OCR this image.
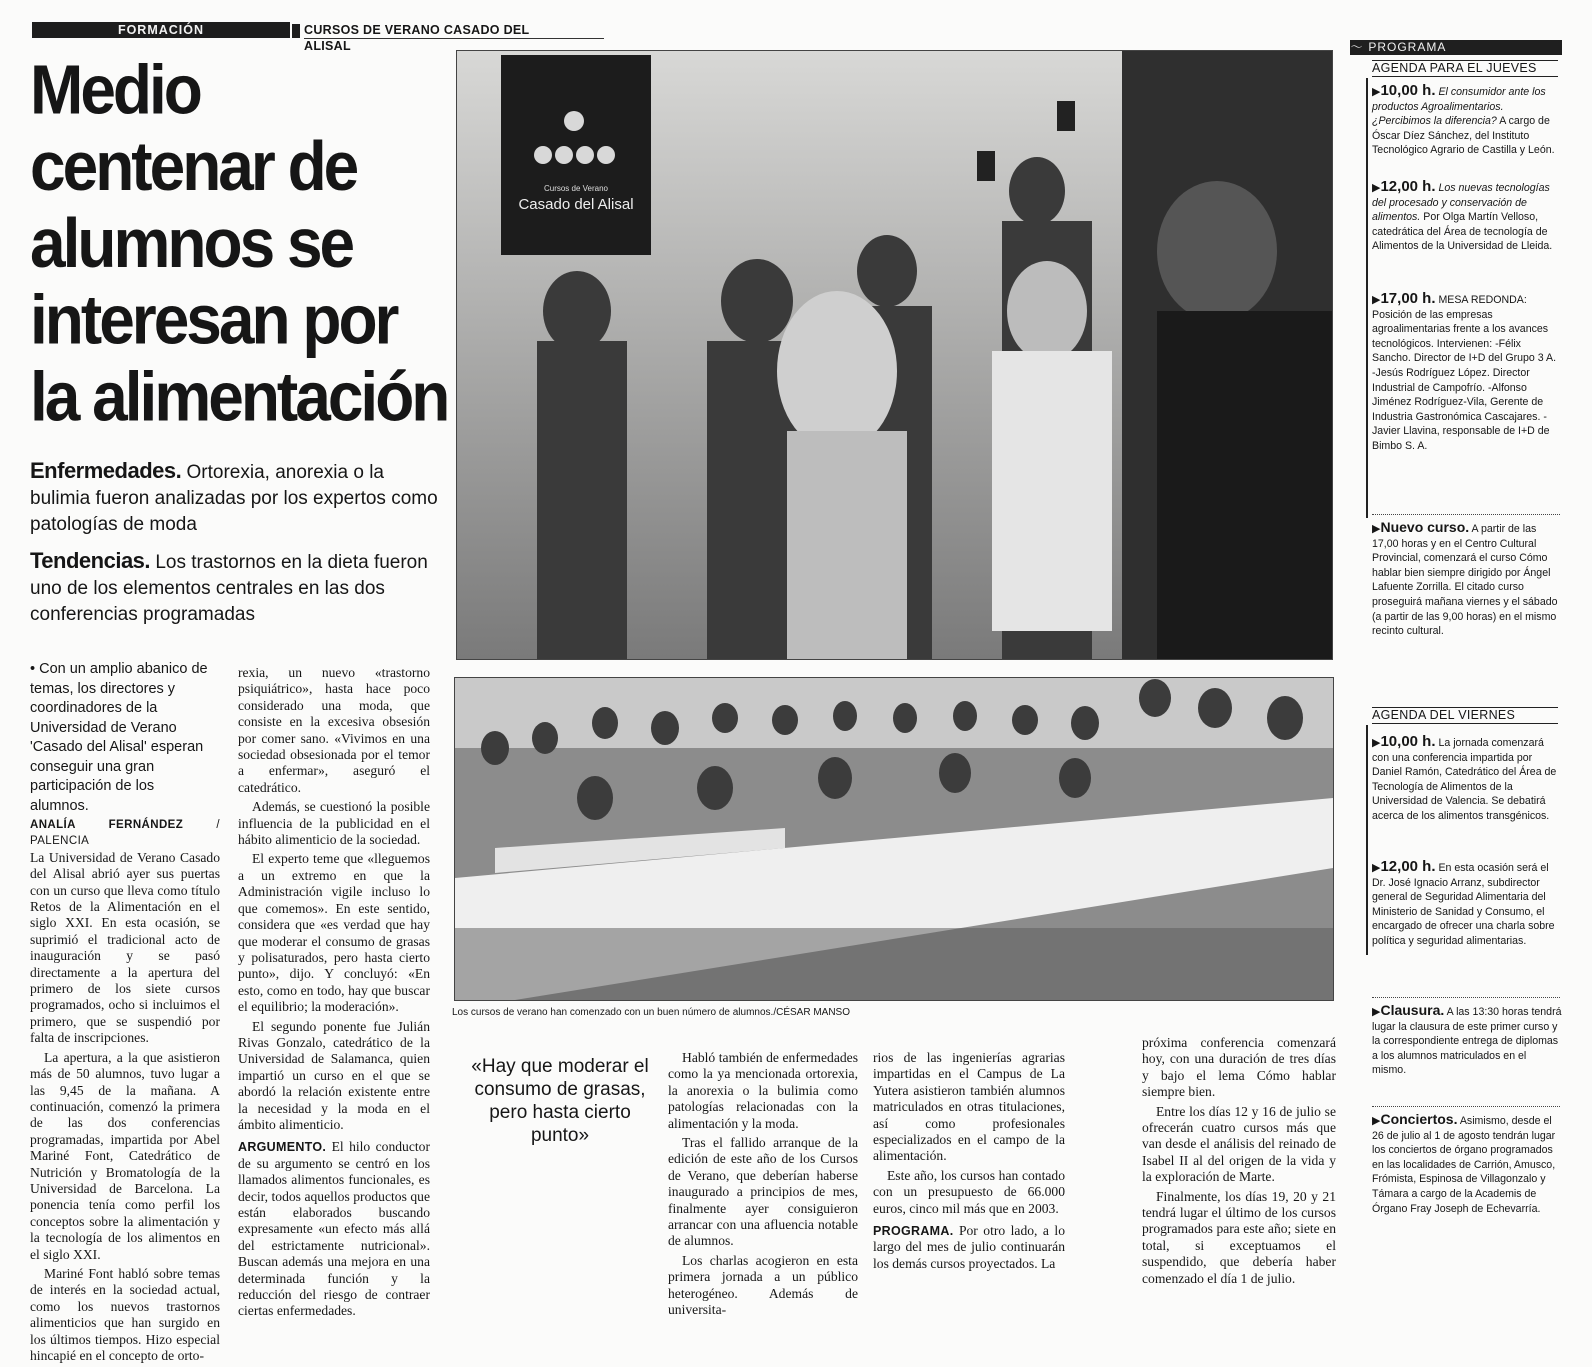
FORMACIÓN	CURSOS DE VERANO CASADO DEL ALISAL
Medio centenar de alumnos se interesan por la alimentación

Enfermedades. Ortorexia, anorexia o la bulimia fueron analizadas por los expertos como patologías de moda

Tendencias. Los trastornos en la dieta fueron uno de los elementos centrales en las dos conferencias programadas

• Con un amplio abanico de temas, los directores y coordinadores de la Universidad de Verano 'Casado del Alisal' esperan conseguir una gran participación de los alumnos.
ANALÍA FERNÁNDEZ	/ PALENCIA

La Universidad de Verano Casado del Alisal abrió ayer sus puertas con un curso que lleva como título Retos de la Alimentación en el siglo XXI. En esta ocasión, se suprimió el tradicional acto de inauguración y se pasó directamente a la apertura del primero de los siete cursos programados, ocho si incluimos el primero, que se suspendió por falta de inscripciones.

La apertura, a la que asistieron más de 50 alumnos, tuvo lugar a las 9,45 de la mañana. A continuación, comenzó la primera de las dos conferencias programadas, impartida por Abel Mariné Font, Catedrático de Nutrición y Bromatología de la Universidad de Barcelona. La ponencia tenía como perfil los conceptos sobre la alimentación y la tecnología de los alimentos en el siglo XXI.

Mariné Font habló sobre temas de interés en la sociedad actual, como los nuevos trastornos alimenticios que han surgido en los últimos tiempos. Hizo especial hincapié en el concepto de orto-

rexia, un nuevo «trastorno psiquiátrico», hasta hace poco considerado una moda, que consiste en la excesiva obsesión por comer sano. «Vivimos en una sociedad obsesionada por el temor a enfermar», aseguró el catedrático.

Además, se cuestionó la posible influencia de la publicidad en el hábito alimenticio de la sociedad.

El experto teme que «lleguemos a un extremo en que la Administración vigile incluso lo que comemos». En este sentido, considera que «es verdad que hay que moderar el consumo de grasas y polisaturados, pero hasta cierto punto», dijo. Y concluyó: «En esto, como en todo, hay que buscar el equilibrio; la moderación».

El segundo ponente fue Julián Rivas Gonzalo, catedrático de la Universidad de Salamanca, quien impartió un curso en el que se abordó la relación existente entre la necesidad y la moda en el ámbito alimenticio.

ARGUMENTO. El hilo conductor de su argumento se centró en los llamados alimentos funcionales, es decir, todos aquellos productos que están elaborados buscando expresamente «un efecto más allá del estrictamente nutricional». Buscan además una mejora en una determinada función y la reducción del riesgo de contraer ciertas enfermedades.

Cursos de Verano
Casado del Alisal
Los cursos de verano han comenzado con un buen número de alumnos./CÉSAR MANSO
«Hay que moderar el consumo de grasas, pero hasta cierto punto»

Habló también de enfermedades como la ya mencionada ortorexia, la anorexia o la bulimia como patologías relacionadas con la alimentación y la moda.

Tras el fallido arranque de la edición de este año de los Cursos de Verano, que deberían haberse inaugurado a principios de mes, finalmente ayer consiguieron arrancar con una afluencia notable de alumnos.

Los charlas acogieron en esta primera jornada a un público heterogéneo. Además de universita-

rios de las ingenierías agrarias impartidas en el Campus de La Yutera asistieron también alumnos matriculados en otras titulaciones, así como profesionales especializados en el campo de la alimentación.

Este año, los cursos han contado con un presupuesto de 66.000 euros, cinco mil más que en 2003.

PROGRAMA. Por otro lado, a lo largo del mes de julio continuarán los demás cursos proyectados. La

próxima conferencia comenzará hoy, con una duración de tres días y bajo el lema Cómo hablar siempre bien.

Entre los días 12 y 16 de julio se ofrecerán cuatro cursos más que van desde el análisis del reinado de Isabel II al del origen de la vida y la exploración de Marte.

Finalmente, los días 19, 20 y 21 tendrá lugar el último de los cursos programados para este año; siete en total, si exceptuamos el suspendido, que debería haber comenzado el día 1 de julio.

〜 PROGRAMA
AGENDA PARA EL JUEVES
▶10,00 h. El consumidor ante los productos Agroalimentarios. ¿Percibimos la diferencia? A cargo de Óscar Díez Sánchez, del Instituto Tecnológico Agrario de Castilla y León.
▶12,00 h. Los nuevas tecnologías del procesado y conservación de alimentos. Por Olga Martín Velloso, catedrática del Área de tecnología de Alimentos de la Universidad de Lleida.
▶17,00 h. MESA REDONDA: Posición de las empresas agroalimentarias frente a los avances tecnológicos. Intervienen: -Félix Sancho. Director de I+D del Grupo 3 A. -Jesús Rodríguez López. Director Industrial de Campofrío. -Alfonso Jiménez Rodríguez-Vila, Gerente de Industria Gastronómica Cascajares. -Javier Llavina, responsable de I+D de Bimbo S. A.
▶Nuevo curso. A partir de las 17,00 horas y en el Centro Cultural Provincial, comenzará el curso Cómo hablar bien siempre dirigido por Ángel Lafuente Zorrilla. El citado curso proseguirá mañana viernes y el sábado (a partir de las 9,00 horas) en el mismo recinto cultural.
AGENDA DEL VIERNES
▶10,00 h. La jornada comenzará con una conferencia impartida por Daniel Ramón, Catedrático del Área de Tecnología de Alimentos de la Universidad de Valencia. Se debatirá acerca de los alimentos transgénicos.
▶12,00 h. En esta ocasión será el Dr. José Ignacio Arranz, subdirector general de Seguridad Alimentaria del Ministerio de Sanidad y Consumo, el encargado de ofrecer una charla sobre política y seguridad alimentarias.
▶Clausura. A las 13:30 horas tendrá lugar la clausura de este primer curso y la correspondiente entrega de diplomas a los alumnos matriculados en el mismo.
▶Conciertos. Asimismo, desde el 26 de julio al 1 de agosto tendrán lugar los conciertos de órgano programados en las localidades de Carrión, Amusco, Frómista, Espinosa de Villagonzalo y Támara a cargo de la Academis de Órgano Fray Joseph de Echevarría.
